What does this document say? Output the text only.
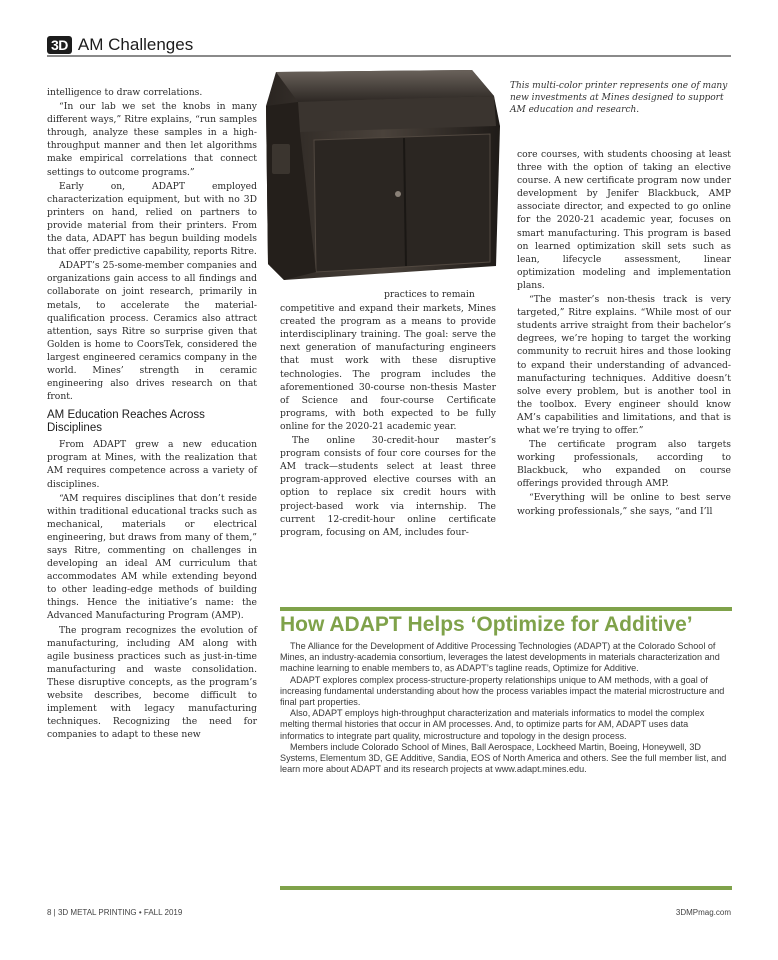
3D AM Challenges
This multi-color printer represents one of many new investments at Mines designed to support AM education and research.

intelligence to draw correlations.

“In our lab we set the knobs in many different ways,” Ritre explains, “run samples through, analyze these samples in a high-throughput manner and then let algorithms make empirical correlations that connect settings to outcome programs.”

Early on, ADAPT employed characterization equipment, but with no 3D printers on hand, relied on partners to provide material from their printers. From the data, ADAPT has begun building models that offer predictive capability, reports Ritre.

ADAPT’s 25-some-member companies and organizations gain access to all findings and collaborate on joint research, primarily in metals, to accelerate the material-qualification process. Ceramics also attract attention, says Ritre so surprise given that Golden is home to CoorsTek, considered the largest engineered ceramics company in the world. Mines’ strength in ceramic engineering also drives research on that front.

AM Education Reaches Across Disciplines

From ADAPT grew a new education program at Mines, with the realization that AM requires competence across a variety of disciplines.

“AM requires disciplines that don’t reside within traditional educational tracks such as mechanical, materials or electrical engineering, but draws from many of them,” says Ritre, commenting on challenges in developing an ideal AM curriculum that accommodates AM while extending beyond to other leading-edge methods of building things. Hence the initiative’s name: the Advanced Manufacturing Program (AMP).

The program recognizes the evolution of manufacturing, including AM along with agile business practices such as just-in-time manufacturing and waste consolidation. These disruptive concepts, as the program’s website describes, become difficult to implement with legacy manufacturing techniques. Recognizing the need for companies to adapt to these new

practices to remain

competitive and expand their markets, Mines created the program as a means to provide interdisciplinary training. The goal: serve the next generation of manufacturing engineers that must work with these disruptive technologies. The program includes the aforementioned 30-course non-thesis Master of Science and four-course Certificate programs, with both expected to be fully online for the 2020-21 academic year.

The online 30-credit-hour master’s program consists of four core courses for the AM track—students select at least three program-approved elective courses with an option to replace six credit hours with project-based work via internship. The current 12-credit-hour online certificate program, focusing on AM, includes four-

core courses, with students choosing at least three with the option of taking an elective course. A new certificate program now under development by Jenifer Blackbuck, AMP associate director, and expected to go online for the 2020-21 academic year, focuses on smart manufacturing. This program is based on learned optimization skill sets such as lean, lifecycle assessment, linear optimization modeling and implementation plans.

“The master’s non-thesis track is very targeted,” Ritre explains. “While most of our students arrive straight from their bachelor’s degrees, we’re hoping to target the working community to recruit hires and those looking to expand their understanding of advanced-manufacturing techniques. Additive doesn’t solve every problem, but is another tool in the toolbox. Every engineer should know AM’s capabilities and limitations, and that is what we’re trying to offer.”

The certificate program also targets working professionals, according to Blackbuck, who expanded on course offerings provided through AMP.

“Everything will be online to best serve working professionals,” she says, “and I’ll

How ADAPT Helps ‘Optimize for Additive’

The Alliance for the Development of Additive Processing Technologies (ADAPT) at the Colorado School of Mines, an industry-academia consortium, leverages the latest developments in materials characterization and machine learning to enable members to, as ADAPT’s tagline reads, Optimize for Additive.

ADAPT explores complex process-structure-property relationships unique to AM methods, with a goal of increasing fundamental understanding about how the process variables impact the material microstructure and final part properties.

Also, ADAPT employs high-throughput characterization and materials informatics to model the complex melting thermal histories that occur in AM processes. And, to optimize parts for AM, ADAPT uses data informatics to integrate part quality, microstructure and topology in the design process.

Members include Colorado School of Mines, Ball Aerospace, Lockheed Martin, Boeing, Honeywell, 3D Systems, Elementum 3D, GE Additive, Sandia, EOS of North America and others. See the full member list, and learn more about ADAPT and its research projects at www.adapt.mines.edu.

8 | 3D METAL PRINTING • FALL 2019	3DMPmag.com
